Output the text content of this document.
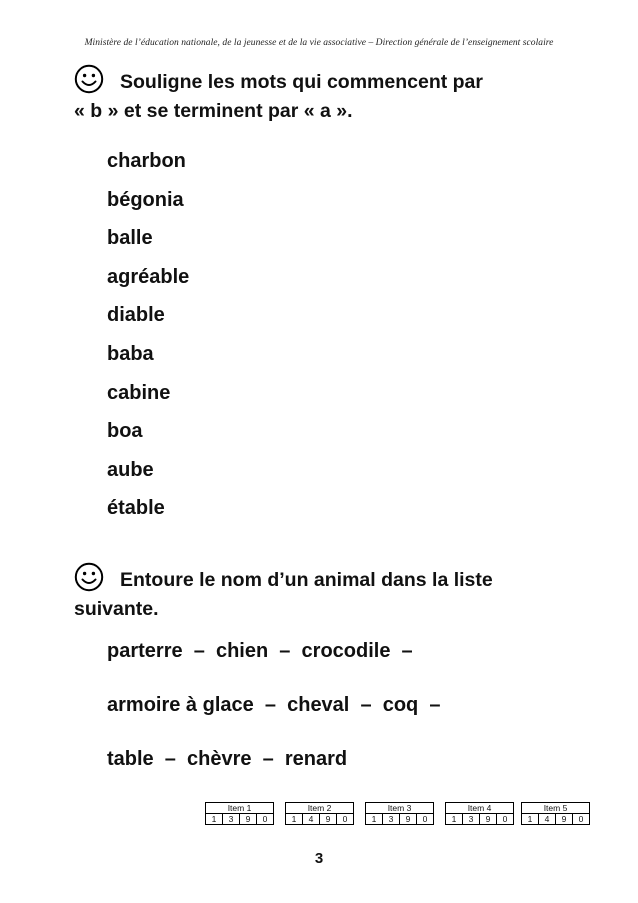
Ministère de l’éducation nationale, de la jeunesse et de la vie associative – Direction générale de l’enseignement scolaire

Souligne les mots qui commencent par
« b » et se terminent par « a ».

charbon
bégonia
balle
agréable
diable
baba
cabine
boa
aube
étable

Entoure le nom d’un animal dans la liste
suivante.

parterre  –  chien  –  crocodile  –
armoire à glace  –  cheval  –  coq  –
table  –  chèvre  –  renard
Item 1
1	3	9	0
Item 2
1	4	9	0
Item 3
1	3	9	0
Item 4
1	3	9	0
Item 5
1	4	9	0
3
